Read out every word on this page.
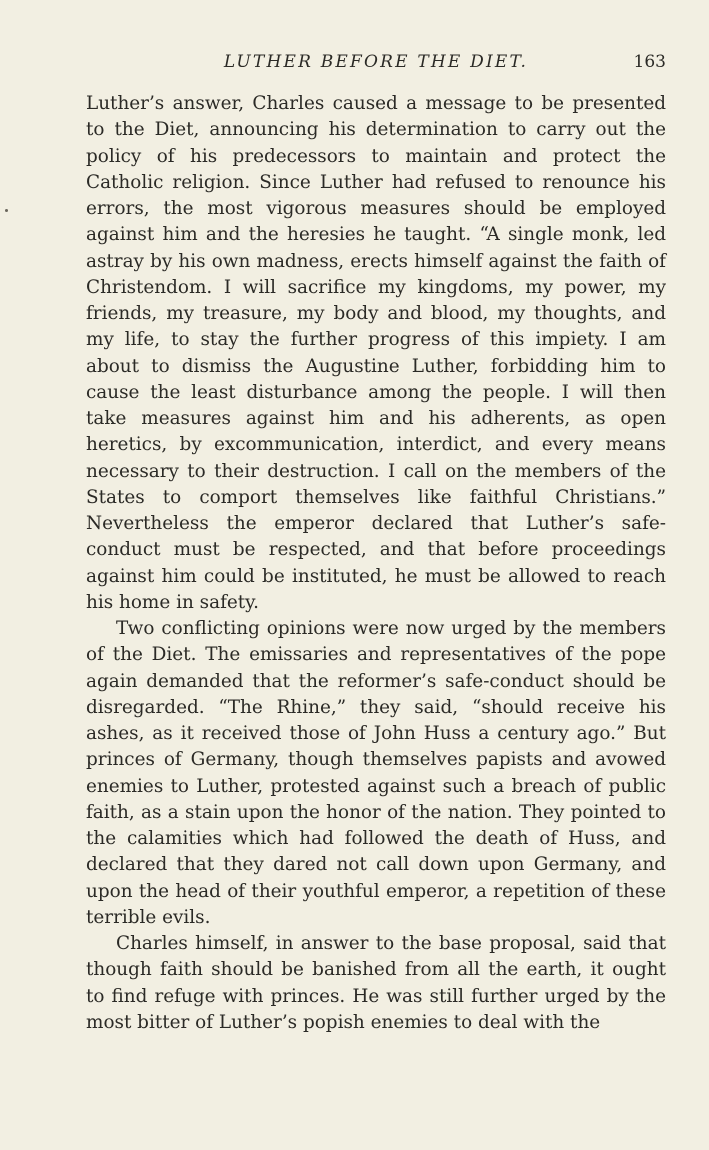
LUTHER BEFORE THE DIET.	163

Luther’s answer, Charles caused a message to be presented to the Diet, announcing his determination to carry out the policy of his predecessors to maintain and protect the Catholic religion. Since Luther had refused to renounce his errors, the most vigorous measures should be employed against him and the heresies he taught. “A single monk, led astray by his own madness, erects himself against the faith of Christendom. I will sacrifice my kingdoms, my power, my friends, my treasure, my body and blood, my thoughts, and my life, to stay the further progress of this impiety. I am about to dismiss the Augustine Luther, forbidding him to cause the least disturbance among the people. I will then take measures against him and his adherents, as open heretics, by excommunication, interdict, and every means necessary to their destruction. I call on the members of the States to comport themselves like faithful Christians.” Nevertheless the emperor declared that Luther’s safe-conduct must be respected, and that before proceedings against him could be instituted, he must be allowed to reach his home in safety.

Two conflicting opinions were now urged by the members of the Diet. The emissaries and representatives of the pope again demanded that the reformer’s safe-conduct should be disregarded. “The Rhine,” they said, “should receive his ashes, as it received those of John Huss a century ago.” But princes of Germany, though themselves papists and avowed enemies to Luther, protested against such a breach of public faith, as a stain upon the honor of the nation. They pointed to the calamities which had followed the death of Huss, and declared that they dared not call down upon Germany, and upon the head of their youthful emperor, a repetition of these terrible evils.

Charles himself, in answer to the base proposal, said that though faith should be banished from all the earth, it ought to find refuge with princes. He was still further urged by the most bitter of Luther’s popish enemies to deal with the
